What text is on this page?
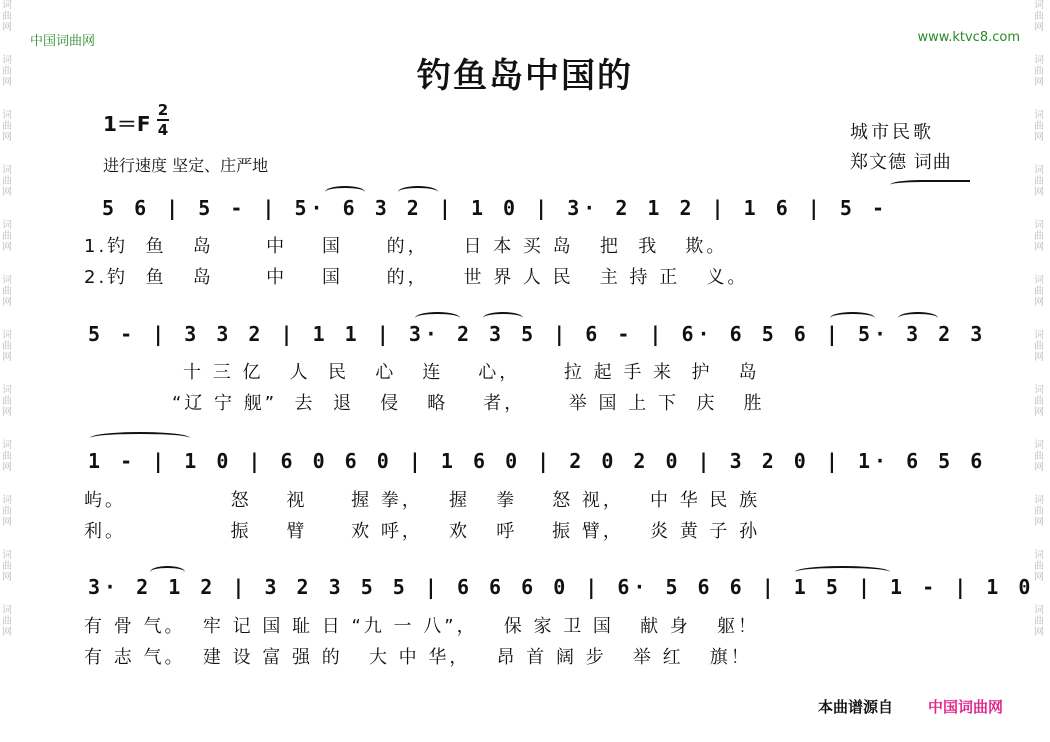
词
曲
网

词
曲
网

词
曲
网

词
曲
网

词
曲
网

词
曲
网

词
曲
网

词
曲
网

词
曲
网

词
曲
网

词
曲
网

词
曲
网

词
曲
网

词
曲
网

词
曲
网

词
曲
网

词
曲
网

词
曲
网

词
曲
网

词
曲
网

词
曲
网

词
曲
网

词
曲
网

词
曲
网

中国词曲网	www.ktvc8.com
钓鱼岛中国的
1＝F
2
4
进行速度 坚定、庄严地
城市民歌
郑文德 词曲
5 6 | 5 - | 5· 6 3 2 | 1 0 | 3· 2 1 2 | 1 6 | 5 -
1.钓  鱼   岛      中    国     的，    日 本 买 岛   把  我   欺。
2.钓  鱼   岛      中    国     的，    世 界 人 民   主 持 正   义。
5 - | 3 3 2 | 1 1 | 3· 2 3 5 | 6 - | 6· 6 5 6 | 5· 3 2 3
十 三 亿   人  民   心   连    心，     拉 起 手 来  护   岛
“辽 宁 舰”  去  退   侵   略    者，     举 国 上 下  庆   胜
1 - | 1 0 | 6 0 6 0 | 1 6 0 | 2 0 2 0 | 3 2 0 | 1· 6 5 6
屿。            怒    视     握 拳，   握   拳    怒 视，   中 华 民 族
利。            振    臂     欢 呼，   欢   呼    振 臂，   炎 黄 子 孙
3· 2 1 2 | 3 2 3 5 5 | 6 6 6 0 | 6· 5 6 6 | 1 5 | 1 - | 1 0
有 骨 气。  牢 记 国 耻 日 “九 一 八”，   保 家 卫 国   献 身   躯！
有 志 气。  建 设 富 强 的   大 中 华，   昂 首 阔 步   举 红   旗！
本曲谱源自 中国词曲网
